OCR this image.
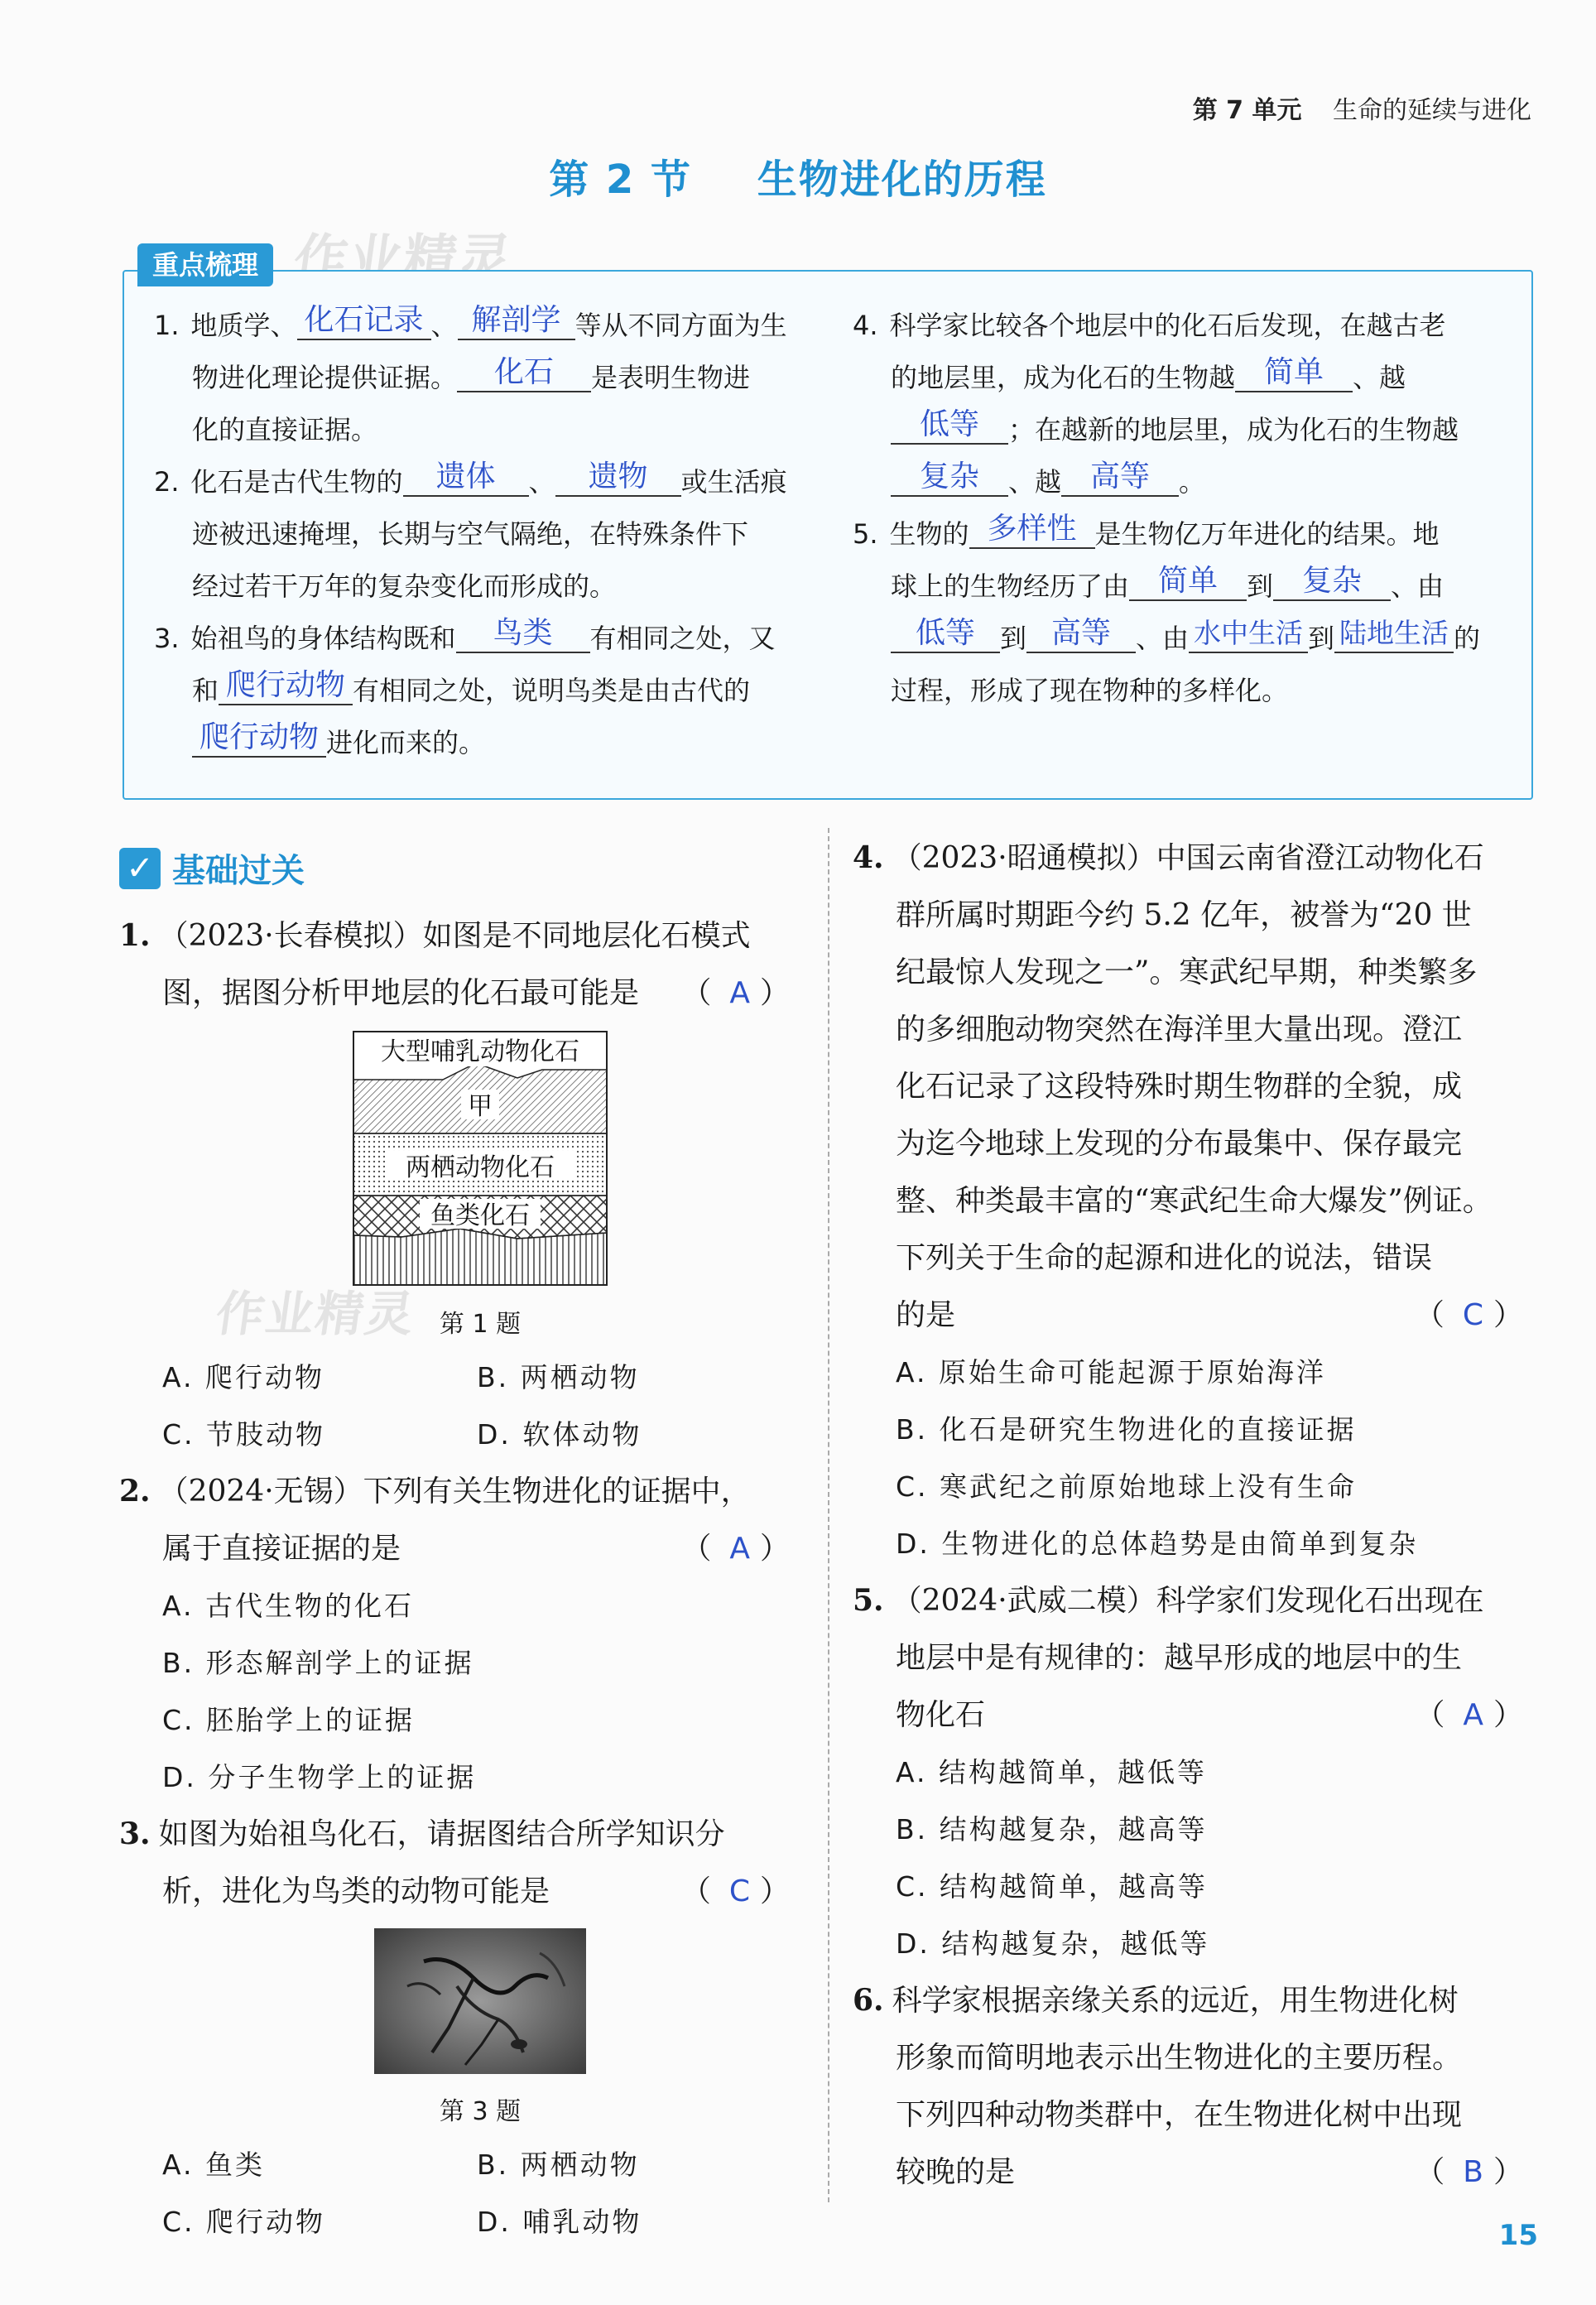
第 7 单元 生命的延续与进化
第 2 节 生物进化的历程
作业精灵
作业精灵
重点梳理
1. 地质学、 化石记录 、 解剖学 等从不同方面为生
物进化理论提供证据。 化石 是表明生物进
化的直接证据。
2. 化石是古代生物的 遗体 、 遗物 或生活痕
迹被迅速掩埋，长期与空气隔绝，在特殊条件下
经过若干万年的复杂变化而形成的。
3. 始祖鸟的身体结构既和 鸟类 有相同之处，又
和 爬行动物 有相同之处，说明鸟类是由古代的
爬行动物 进化而来的。
4. 科学家比较各个地层中的化石后发现，在越古老
的地层里，成为化石的生物越 简单 、越
低等 ；在越新的地层里，成为化石的生物越
复杂 、越 高等 。
5. 生物的 多样性 是生物亿万年进化的结果。地
球上的生物经历了由 简单 到 复杂 、由
低等 到 高等 、由 水中生活 到 陆地生活 的
过程，形成了现在物种的多样化。
✓ 基础过关
1. （2023·长春模拟）如图是不同地层化石模式
图，据图分析甲地层的化石最可能是 （ A ）
大型哺乳动物化石
甲
两栖动物化石
鱼类化石
第 1 题
A. 爬行动物	B. 两栖动物
C. 节肢动物	D. 软体动物
2. （2024·无锡）下列有关生物进化的证据中，
属于直接证据的是	（ A ）
A. 古代生物的化石
B. 形态解剖学上的证据
C. 胚胎学上的证据
D. 分子生物学上的证据
3. 如图为始祖鸟化石，请据图结合所学知识分
析，进化为鸟类的动物可能是	（ C ）
第 3 题
A. 鱼类	B. 两栖动物
C. 爬行动物	D. 哺乳动物
4. （2023·昭通模拟）中国云南省澄江动物化石
群所属时期距今约 5.2 亿年，被誉为“20 世
纪最惊人发现之一”。寒武纪早期，种类繁多
的多细胞动物突然在海洋里大量出现。澄江
化石记录了这段特殊时期生物群的全貌，成
为迄今地球上发现的分布最集中、保存最完
整、种类最丰富的“寒武纪生命大爆发”例证。
下列关于生命的起源和进化的说法，错误
的是	（ C ）
A. 原始生命可能起源于原始海洋
B. 化石是研究生物进化的直接证据
C. 寒武纪之前原始地球上没有生命
D. 生物进化的总体趋势是由简单到复杂
5. （2024·武威二模）科学家们发现化石出现在
地层中是有规律的：越早形成的地层中的生
物化石	（ A ）
A. 结构越简单，越低等
B. 结构越复杂，越高等
C. 结构越简单，越高等
D. 结构越复杂，越低等
6. 科学家根据亲缘关系的远近，用生物进化树
形象而简明地表示出生物进化的主要历程。
下列四种动物类群中，在生物进化树中出现
较晚的是	（ B ）
15
